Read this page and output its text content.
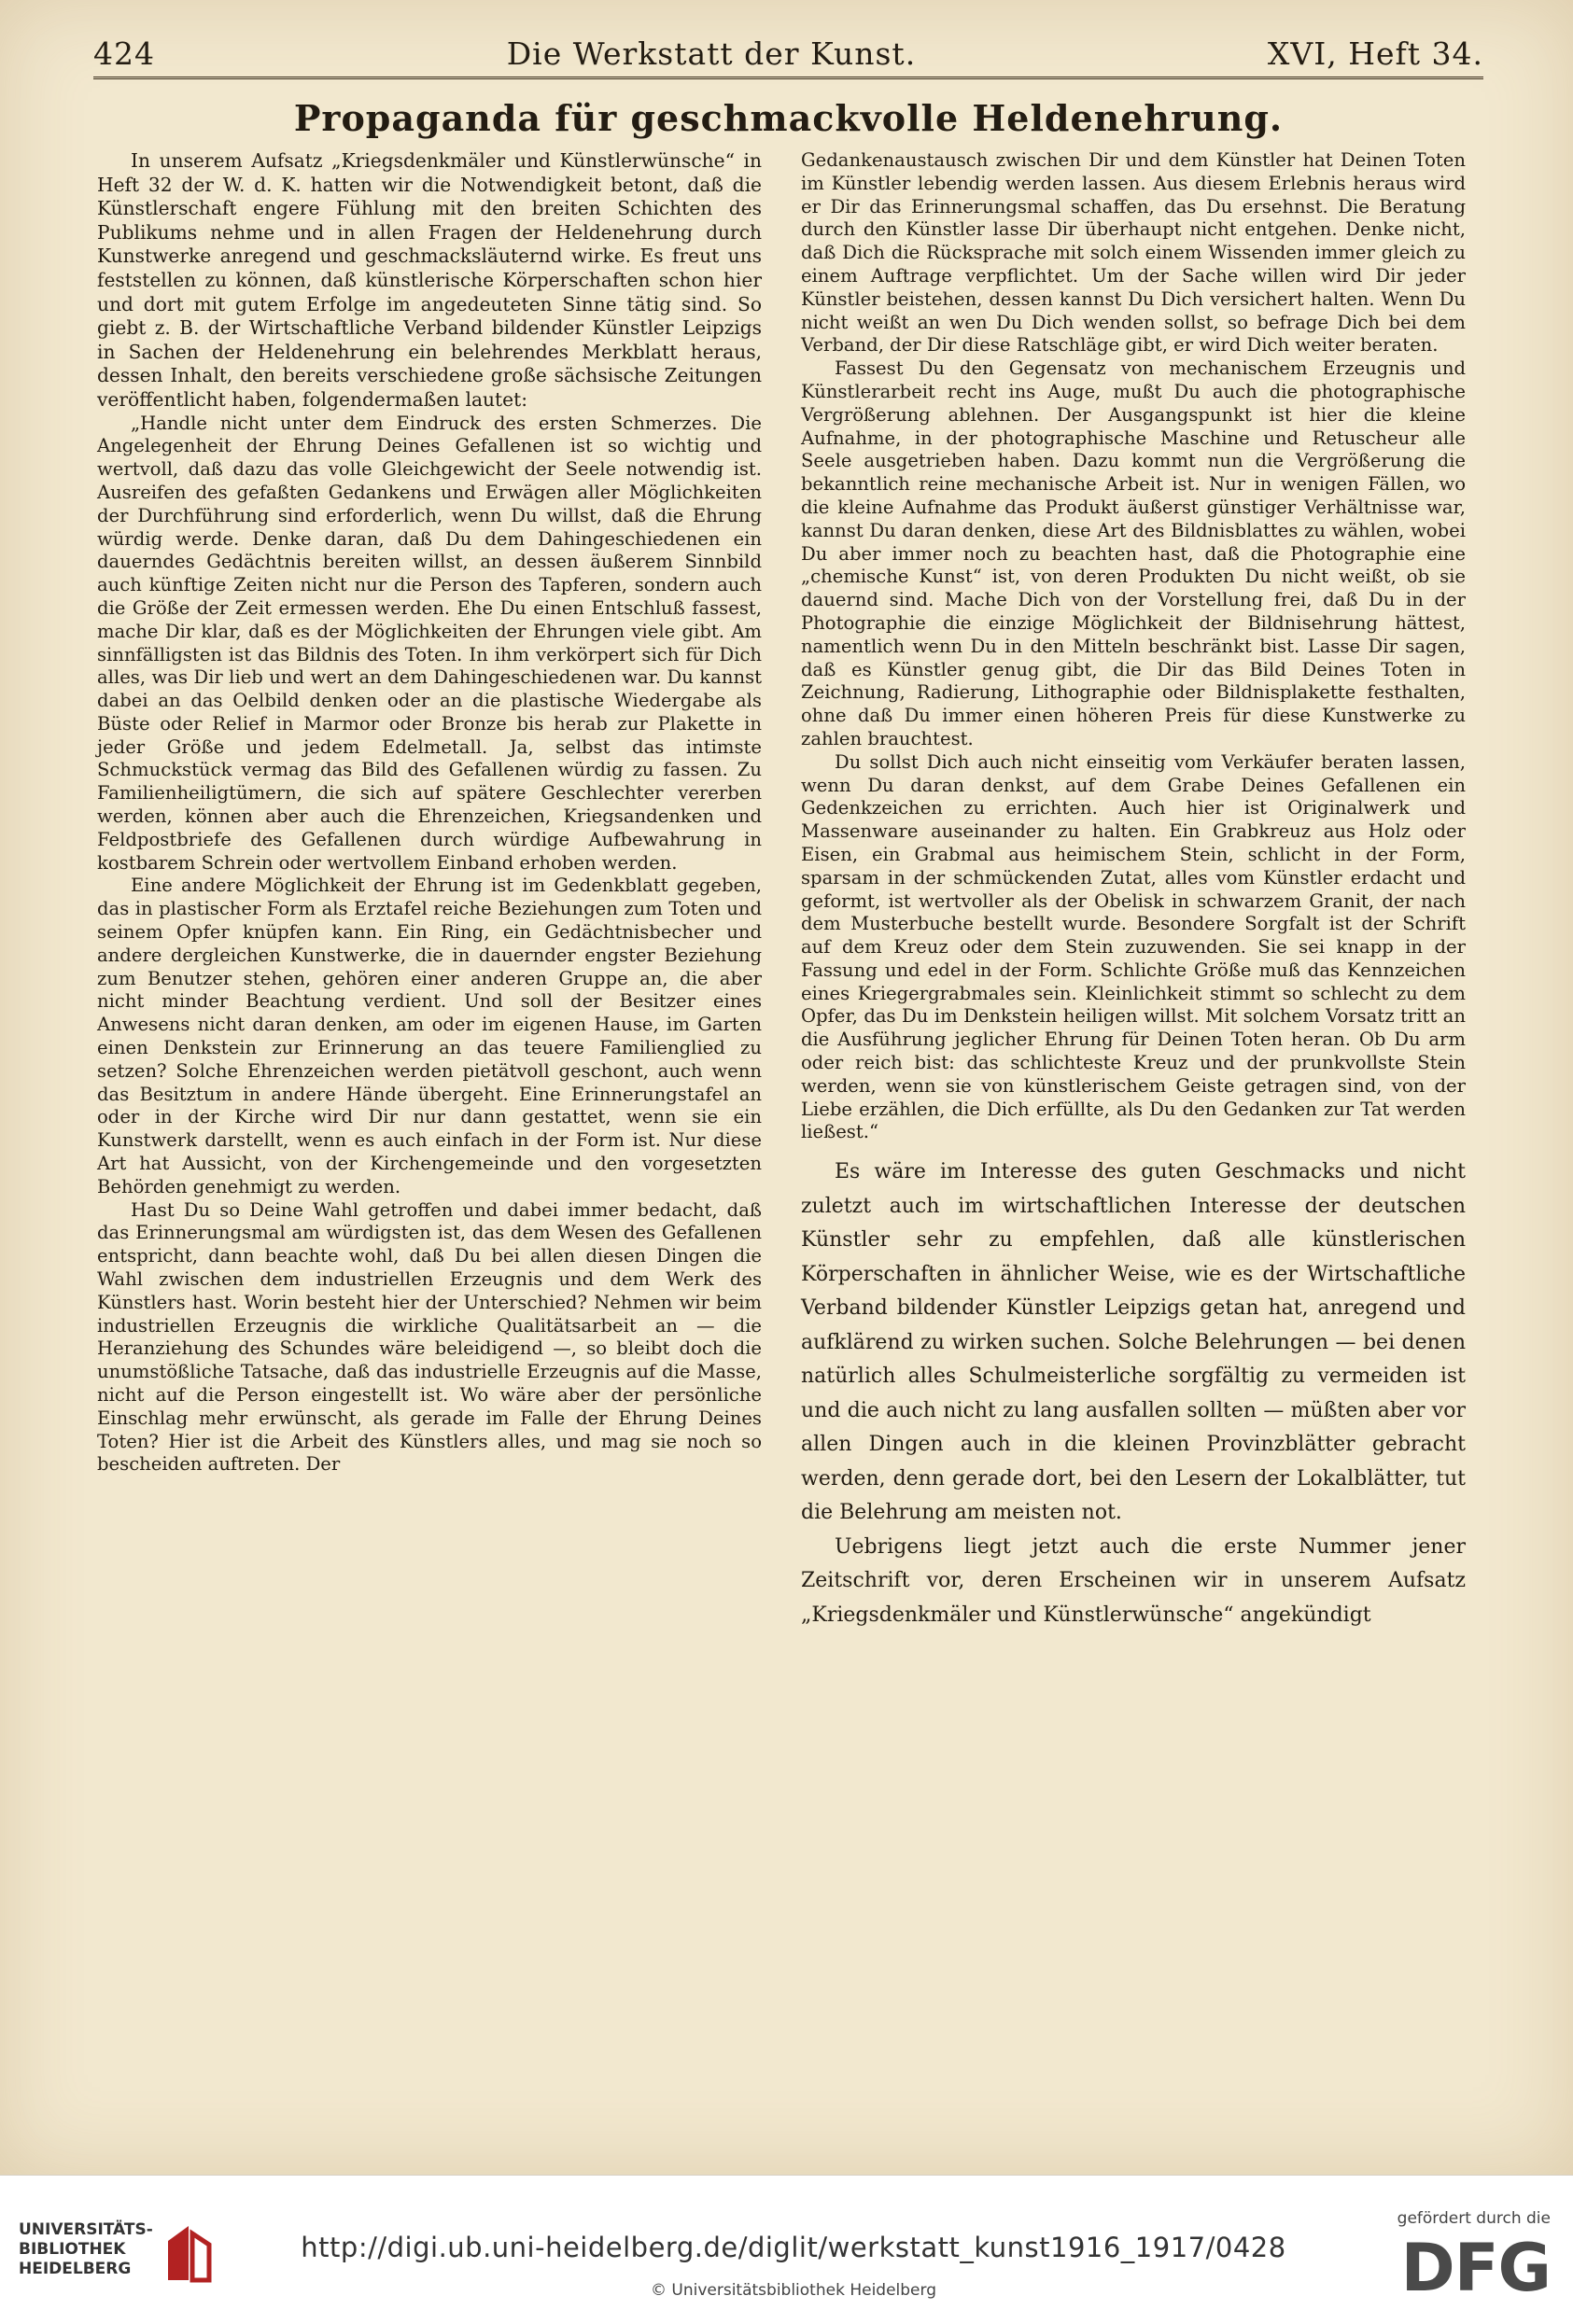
424	Die Werkstatt der Kunst.	XVI, Heft 34.
Propaganda für geschmackvolle Heldenehrung.

In unserem Aufsatz „Kriegsdenkmäler und Künstlerwünsche“ in Heft 32 der W. d. K. hatten wir die Notwendigkeit betont, daß die Künstlerschaft engere Fühlung mit den breiten Schichten des Publikums nehme und in allen Fragen der Heldenehrung durch Kunstwerke anregend und geschmacksläuternd wirke. Es freut uns feststellen zu können, daß künstlerische Körperschaften schon hier und dort mit gutem Erfolge im angedeuteten Sinne tätig sind. So giebt z. B. der Wirtschaftliche Verband bildender Künstler Leipzigs in Sachen der Heldenehrung ein belehrendes Merkblatt heraus, dessen Inhalt, den bereits verschiedene große sächsische Zeitungen veröffentlicht haben, folgendermaßen lautet:

„Handle nicht unter dem Eindruck des ersten Schmerzes. Die Angelegenheit der Ehrung Deines Gefallenen ist so wichtig und wertvoll, daß dazu das volle Gleichgewicht der Seele notwendig ist. Ausreifen des gefaßten Gedankens und Erwägen aller Möglichkeiten der Durchführung sind erforderlich, wenn Du willst, daß die Ehrung würdig werde. Denke daran, daß Du dem Dahingeschiedenen ein dauerndes Gedächtnis bereiten willst, an dessen äußerem Sinnbild auch künftige Zeiten nicht nur die Person des Tapferen, sondern auch die Größe der Zeit ermessen werden. Ehe Du einen Entschluß fassest, mache Dir klar, daß es der Möglichkeiten der Ehrungen viele gibt. Am sinnfälligsten ist das Bildnis des Toten. In ihm verkörpert sich für Dich alles, was Dir lieb und wert an dem Dahingeschiedenen war. Du kannst dabei an das Oelbild denken oder an die plastische Wiedergabe als Büste oder Relief in Marmor oder Bronze bis herab zur Plakette in jeder Größe und jedem Edelmetall. Ja, selbst das intimste Schmuckstück vermag das Bild des Gefallenen würdig zu fassen. Zu Familienheiligtümern, die sich auf spätere Geschlechter vererben werden, können aber auch die Ehrenzeichen, Kriegsandenken und Feldpostbriefe des Gefallenen durch würdige Aufbewahrung in kostbarem Schrein oder wertvollem Einband erhoben werden.

Eine andere Möglichkeit der Ehrung ist im Gedenkblatt gegeben, das in plastischer Form als Erztafel reiche Beziehungen zum Toten und seinem Opfer knüpfen kann. Ein Ring, ein Gedächtnisbecher und andere dergleichen Kunstwerke, die in dauernder engster Beziehung zum Benutzer stehen, gehören einer anderen Gruppe an, die aber nicht minder Beachtung verdient. Und soll der Besitzer eines Anwesens nicht daran denken, am oder im eigenen Hause, im Garten einen Denkstein zur Erinnerung an das teuere Familienglied zu setzen? Solche Ehrenzeichen werden pietätvoll geschont, auch wenn das Besitztum in andere Hände übergeht. Eine Erinnerungstafel an oder in der Kirche wird Dir nur dann gestattet, wenn sie ein Kunstwerk darstellt, wenn es auch einfach in der Form ist. Nur diese Art hat Aussicht, von der Kirchengemeinde und den vorgesetzten Behörden genehmigt zu werden.

Hast Du so Deine Wahl getroffen und dabei immer bedacht, daß das Erinnerungsmal am würdigsten ist, das dem Wesen des Gefallenen entspricht, dann beachte wohl, daß Du bei allen diesen Dingen die Wahl zwischen dem industriellen Erzeugnis und dem Werk des Künstlers hast. Worin besteht hier der Unterschied? Nehmen wir beim industriellen Erzeugnis die wirkliche Qualitätsarbeit an — die Heranziehung des Schundes wäre beleidigend —, so bleibt doch die unumstößliche Tatsache, daß das industrielle Erzeugnis auf die Masse, nicht auf die Person eingestellt ist. Wo wäre aber der persönliche Einschlag mehr erwünscht, als gerade im Falle der Ehrung Deines Toten? Hier ist die Arbeit des Künstlers alles, und mag sie noch so bescheiden auftreten. Der

Gedankenaustausch zwischen Dir und dem Künstler hat Deinen Toten im Künstler lebendig werden lassen. Aus diesem Erlebnis heraus wird er Dir das Erinnerungsmal schaffen, das Du ersehnst. Die Beratung durch den Künstler lasse Dir überhaupt nicht entgehen. Denke nicht, daß Dich die Rücksprache mit solch einem Wissenden immer gleich zu einem Auftrage verpflichtet. Um der Sache willen wird Dir jeder Künstler beistehen, dessen kannst Du Dich versichert halten. Wenn Du nicht weißt an wen Du Dich wenden sollst, so befrage Dich bei dem Verband, der Dir diese Ratschläge gibt, er wird Dich weiter beraten.

Fassest Du den Gegensatz von mechanischem Erzeugnis und Künstlerarbeit recht ins Auge, mußt Du auch die photographische Vergrößerung ablehnen. Der Ausgangspunkt ist hier die kleine Aufnahme, in der photographische Maschine und Retuscheur alle Seele ausgetrieben haben. Dazu kommt nun die Vergrößerung die bekanntlich reine mechanische Arbeit ist. Nur in wenigen Fällen, wo die kleine Aufnahme das Produkt äußerst günstiger Verhältnisse war, kannst Du daran denken, diese Art des Bildnisblattes zu wählen, wobei Du aber immer noch zu beachten hast, daß die Photographie eine „chemische Kunst“ ist, von deren Produkten Du nicht weißt, ob sie dauernd sind. Mache Dich von der Vorstellung frei, daß Du in der Photographie die einzige Möglichkeit der Bildnisehrung hättest, namentlich wenn Du in den Mitteln beschränkt bist. Lasse Dir sagen, daß es Künstler genug gibt, die Dir das Bild Deines Toten in Zeichnung, Radierung, Lithographie oder Bildnisplakette festhalten, ohne daß Du immer einen höheren Preis für diese Kunstwerke zu zahlen brauchtest.

Du sollst Dich auch nicht einseitig vom Verkäufer beraten lassen, wenn Du daran denkst, auf dem Grabe Deines Gefallenen ein Gedenkzeichen zu errichten. Auch hier ist Originalwerk und Massenware auseinander zu halten. Ein Grabkreuz aus Holz oder Eisen, ein Grabmal aus heimischem Stein, schlicht in der Form, sparsam in der schmückenden Zutat, alles vom Künstler erdacht und geformt, ist wertvoller als der Obelisk in schwarzem Granit, der nach dem Musterbuche bestellt wurde. Besondere Sorgfalt ist der Schrift auf dem Kreuz oder dem Stein zuzuwenden. Sie sei knapp in der Fassung und edel in der Form. Schlichte Größe muß das Kennzeichen eines Kriegergrabmales sein. Kleinlichkeit stimmt so schlecht zu dem Opfer, das Du im Denkstein heiligen willst. Mit solchem Vorsatz tritt an die Ausführung jeglicher Ehrung für Deinen Toten heran. Ob Du arm oder reich bist: das schlichteste Kreuz und der prunkvollste Stein werden, wenn sie von künstlerischem Geiste getragen sind, von der Liebe erzählen, die Dich erfüllte, als Du den Gedanken zur Tat werden ließest.“

Es wäre im Interesse des guten Geschmacks und nicht zuletzt auch im wirtschaftlichen Interesse der deutschen Künstler sehr zu empfehlen, daß alle künstlerischen Körperschaften in ähnlicher Weise, wie es der Wirtschaftliche Verband bildender Künstler Leipzigs getan hat, anregend und aufklärend zu wirken suchen. Solche Belehrungen — bei denen natürlich alles Schulmeisterliche sorgfältig zu vermeiden ist und die auch nicht zu lang ausfallen sollten — müßten aber vor allen Dingen auch in die kleinen Provinzblätter gebracht werden, denn gerade dort, bei den Lesern der Lokalblätter, tut die Belehrung am meisten not.

Uebrigens liegt jetzt auch die erste Nummer jener Zeitschrift vor, deren Erscheinen wir in unserem Aufsatz „Kriegsdenkmäler und Künstlerwünsche“ angekündigt

UNIVERSITÄTS-
BIBLIOTHEK
HEIDELBERG
http://digi.ub.uni-heidelberg.de/diglit/werkstatt_kunst1916_1917/0428
© Universitätsbibliothek Heidelberg
gefördert durch die
DFG
